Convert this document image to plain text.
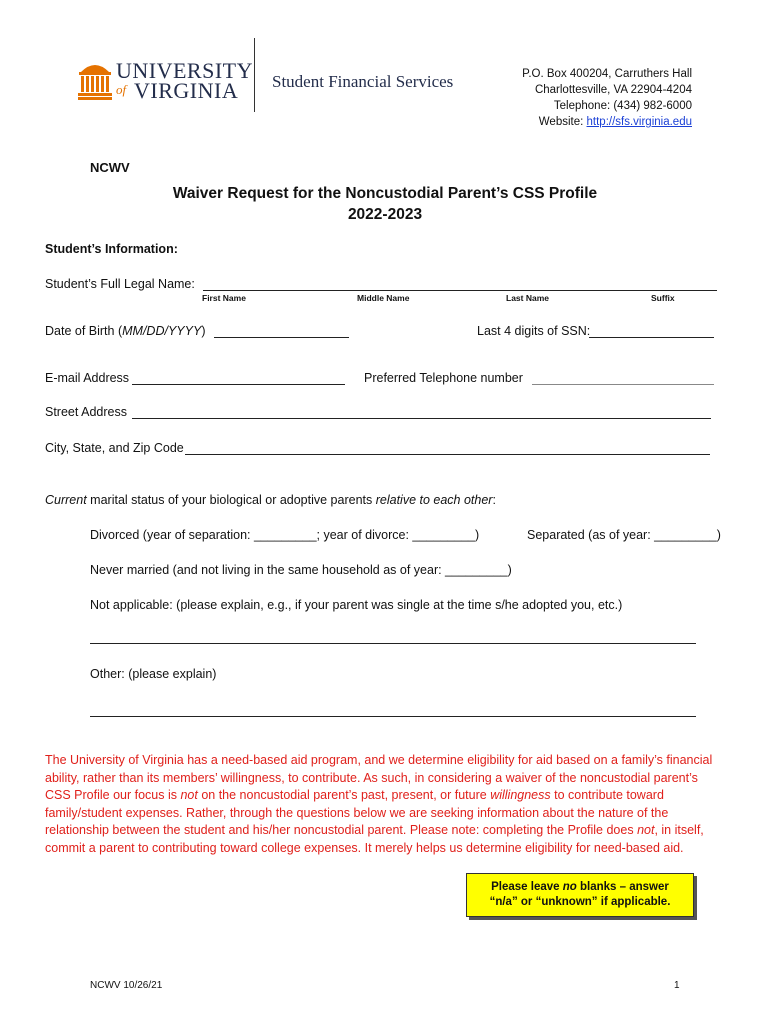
UNIVERSITY
of VIRGINIA Student Financial Services	P.O. Box 400204, Carruthers Hall
Charlottesville, VA 22904-4204
Telephone: (434) 982-6000
Website: http://sfs.virginia.edu
NCWV
Waiver Request for the Noncustodial Parent’s CSS Profile
2022-2023
Student’s Information:
Student’s Full Legal Name:
First Name	Middle Name	Last Name	Suffix
Date of Birth (MM/DD/YYYY)	Last 4 digits of SSN:
E-mail Address	Preferred Telephone number
Street Address
City, State, and Zip Code
Current marital status of your biological or adoptive parents relative to each other:
Divorced (year of separation: _________; year of divorce: _________)	Separated (as of year: _________)
Never married (and not living in the same household as of year: _________)
Not applicable: (please explain, e.g., if your parent was single at the time s/he adopted you, etc.)
Other: (please explain)
The University of Virginia has a need-based aid program, and we determine eligibility for aid based on a family’s financial ability, rather than its members’ willingness, to contribute. As such, in considering a waiver of the noncustodial parent’s CSS Profile our focus is not on the noncustodial parent’s past, present, or future willingness to contribute toward family/student expenses. Rather, through the questions below we are seeking information about the nature of the relationship between the student and his/her noncustodial parent. Please note: completing the Profile does not, in itself, commit a parent to contributing toward college expenses. It merely helps us determine eligibility for need-based aid.
Please leave no blanks – answer
“n/a” or “unknown” if applicable.
NCWV 10/26/21	1
